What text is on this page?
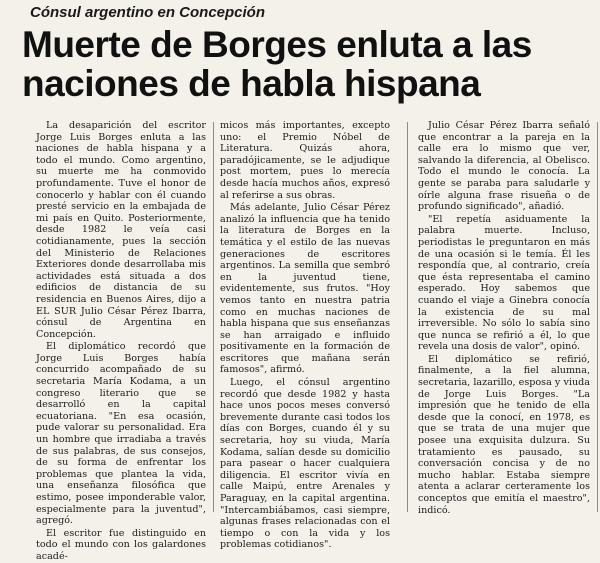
Cónsul argentino en Concepción
Muerte de Borges enluta a las
naciones de habla hispana

La desaparición del escritor Jorge Luis Borges enluta a las naciones de habla hispana y a todo el mundo. Como argentino, su muerte me ha conmovido profundamente. Tuve el honor de conocerlo y hablar con él cuando presté servicio en la embajada de mi país en Quito. Posteriormente, desde 1982 le veía casi cotidianamente, pues la sección del Ministerio de Relaciones Exteriores donde desarrollaba mis actividades está situada a dos edificios de distancia de su residencia en Buenos Aires, dijo a EL SUR Julio César Pérez Ibarra, cónsul de Argentina en Concepción.

El diplomático recordó que Jorge Luis Borges había concurrido acompañado de su secretaria María Kodama, a un congreso literario que se desarrolló en la capital ecuatoriana. "En esa ocasión, pude valorar su personalidad. Era un hombre que irradiaba a través de sus palabras, de sus consejos, de su forma de enfrentar los problemas que plantea la vida, una enseñanza filosófica que estimo, posee imponderable valor, especialmente para la juventud", agregó.

El escritor fue distinguido en todo el mundo con los galardones acadé-

micos más importantes, excepto uno: el Premio Nóbel de Literatura. Quizás ahora, paradójicamente, se le adjudique post mortem, pues lo merecía desde hacía muchos años, expresó al referirse a sus obras.

Más adelante, Julio César Pérez analizó la influencia que ha tenido la literatura de Borges en la temática y el estilo de las nuevas generaciones de escritores argentinos. La semilla que sembró en la juventud tiene, evidentemente, sus frutos. "Hoy vemos tanto en nuestra patria como en muchas naciones de habla hispana que sus enseñanzas se han arraigado e influido positivamente en la formación de escritores que mañana serán famosos", afirmó.

Luego, el cónsul argentino recordó que desde 1982 y hasta hace unos pocos meses conversó brevemente durante casi todos los días con Borges, cuando él y su secretaria, hoy su viuda, María Kodama, salían desde su domicilio para pasear o hacer cualquiera diligencia. El escritor vivía en calle Maipú, entre Arenales y Paraguay, en la capital argentina. "Intercambiábamos, casi siempre, algunas frases relacionadas con el tiempo o con la vida y los problemas cotidianos".

Julio César Pérez Ibarra señaló que encontrar a la pareja en la calle era lo mismo que ver, salvando la diferencia, al Obelisco. Todo el mundo le conocía. La gente se paraba para saludarle y oírle alguna frase risueña o de profundo significado", añadió.

"El repetía asiduamente la palabra muerte. Incluso, periodistas le preguntaron en más de una ocasión si le temía. Él les respondía que, al contrario, creía que ésta representaba el camino esperado. Hoy sabemos que cuando el viaje a Ginebra conocía la existencia de su mal irreversible. No sólo lo sabía sino que nunca se refirió a él, lo que revela una dosis de valor", opinó.

El diplomático se refirió, finalmente, a la fiel alumna, secretaria, lazarillo, esposa y viuda de Jorge Luis Borges. "La impresión que he tenido de ella desde que la conocí, en 1978, es que se trata de una mujer que posee una exquisita dulzura. Su tratamiento es pausado, su conversación concisa y de no mucho hablar. Estaba siempre atenta a aclarar certeramente los conceptos que emitía el maestro", indicó.
